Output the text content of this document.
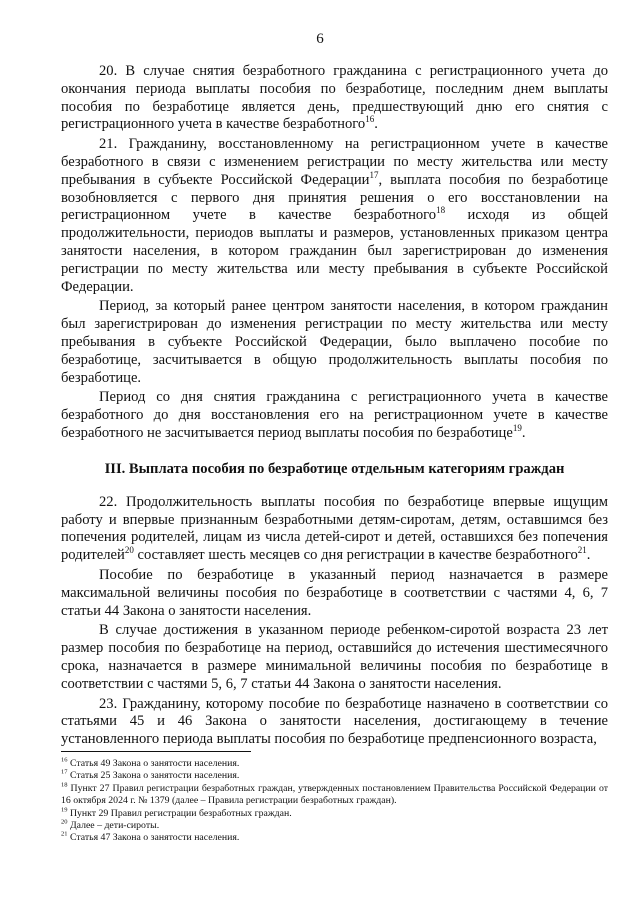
6

20. В случае снятия безработного гражданина с регистрационного учета до окончания периода выплаты пособия по безработице, последним днем выплаты пособия по безработице является день, предшествующий дню его снятия с регистрационного учета в качестве безработного$^{16}$.

21. Гражданину, восстановленному на регистрационном учете в качестве безработного в связи с изменением регистрации по месту жительства или месту пребывания в субъекте Российской Федерации$^{17}$, выплата пособия по безработице возобновляется с первого дня принятия решения о его восстановлении на регистрационном учете в качестве безработного$^{18}$ исходя из общей продолжительности, периодов выплаты и размеров, установленных приказом центра занятости населения, в котором гражданин был зарегистрирован до изменения регистрации по месту жительства или месту пребывания в субъекте Российской Федерации.

Период, за который ранее центром занятости населения, в котором гражданин был зарегистрирован до изменения регистрации по месту жительства или месту пребывания в субъекте Российской Федерации, было выплачено пособие по безработице, засчитывается в общую продолжительность выплаты пособия по безработице.

Период со дня снятия гражданина с регистрационного учета в качестве безработного до дня восстановления его на регистрационном учете в качестве безработного не засчитывается период выплаты пособия по безработице$^{19}$.

III. Выплата пособия по безработице отдельным категориям граждан

22. Продолжительность выплаты пособия по безработице впервые ищущим работу и впервые признанным безработными детям-сиротам, детям, оставшимся без попечения родителей, лицам из числа детей-сирот и детей, оставшихся без попечения родителей$^{20}$ составляет шесть месяцев со дня регистрации в качестве безработного$^{21}$.

Пособие по безработице в указанный период назначается в размере максимальной величины пособия по безработице в соответствии с частями 4, 6, 7 статьи 44 Закона о занятости населения.

В случае достижения в указанном периоде ребенком-сиротой возраста 23 лет размер пособия по безработице на период, оставшийся до истечения шестимесячного срока, назначается в размере минимальной величины пособия по безработице в соответствии с частями 5, 6, 7 статьи 44 Закона о занятости населения.

23. Гражданину, которому пособие по безработице назначено в соответствии со статьями 45 и 46 Закона о занятости населения, достигающему в течение установленного периода выплаты пособия по безработице предпенсионного возраста,

$^{16}$ Статья 49 Закона о занятости населения.

$^{17}$ Статья 25 Закона о занятости населения.

$^{18}$ Пункт 27 Правил регистрации безработных граждан, утвержденных постановлением Правительства Российской Федерации от 16 октября 2024 г. № 1379 (далее – Правила регистрации безработных граждан).

$^{19}$ Пункт 29 Правил регистрации безработных граждан.

$^{20}$ Далее – дети-сироты.

$^{21}$ Статья 47 Закона о занятости населения.
